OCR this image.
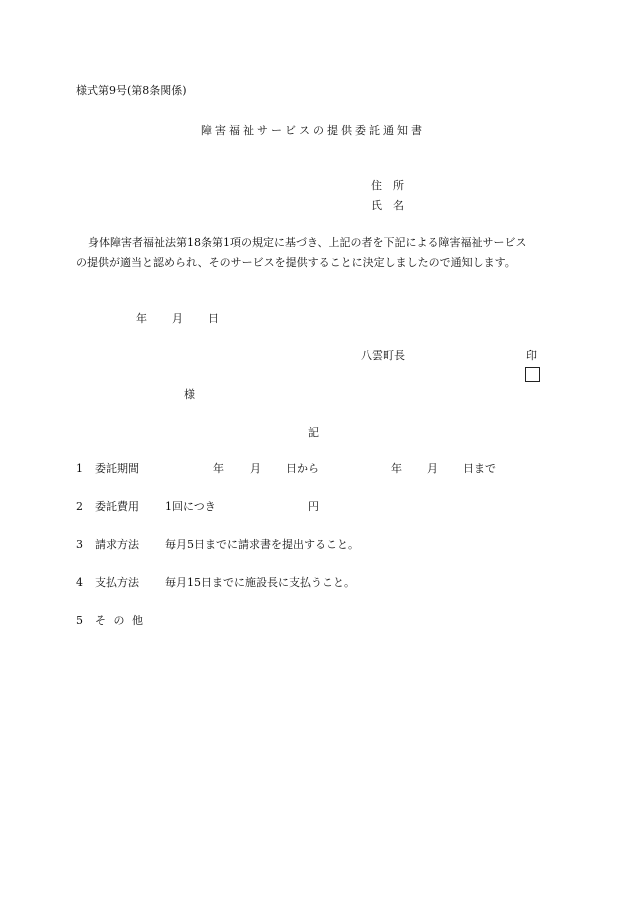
様式第9号(第8条関係)
障害福祉サービスの提供委託通知書
住　所
氏　名
身体障害者福祉法第18条第1項の規定に基づき、上記の者を下記による障害福祉サービス
の提供が適当と認められ、そのサービスを提供することに決定しましたので通知します。
年 月 日
八雲町長	印
様
記
1 委託期間	年 月 日から	年 月 日まで
2 委託費用 1回につき	円
3 請求方法 毎月5日までに請求書を提出すること。
4 支払方法 毎月15日までに施設長に支払うこと。
5 そ の 他
